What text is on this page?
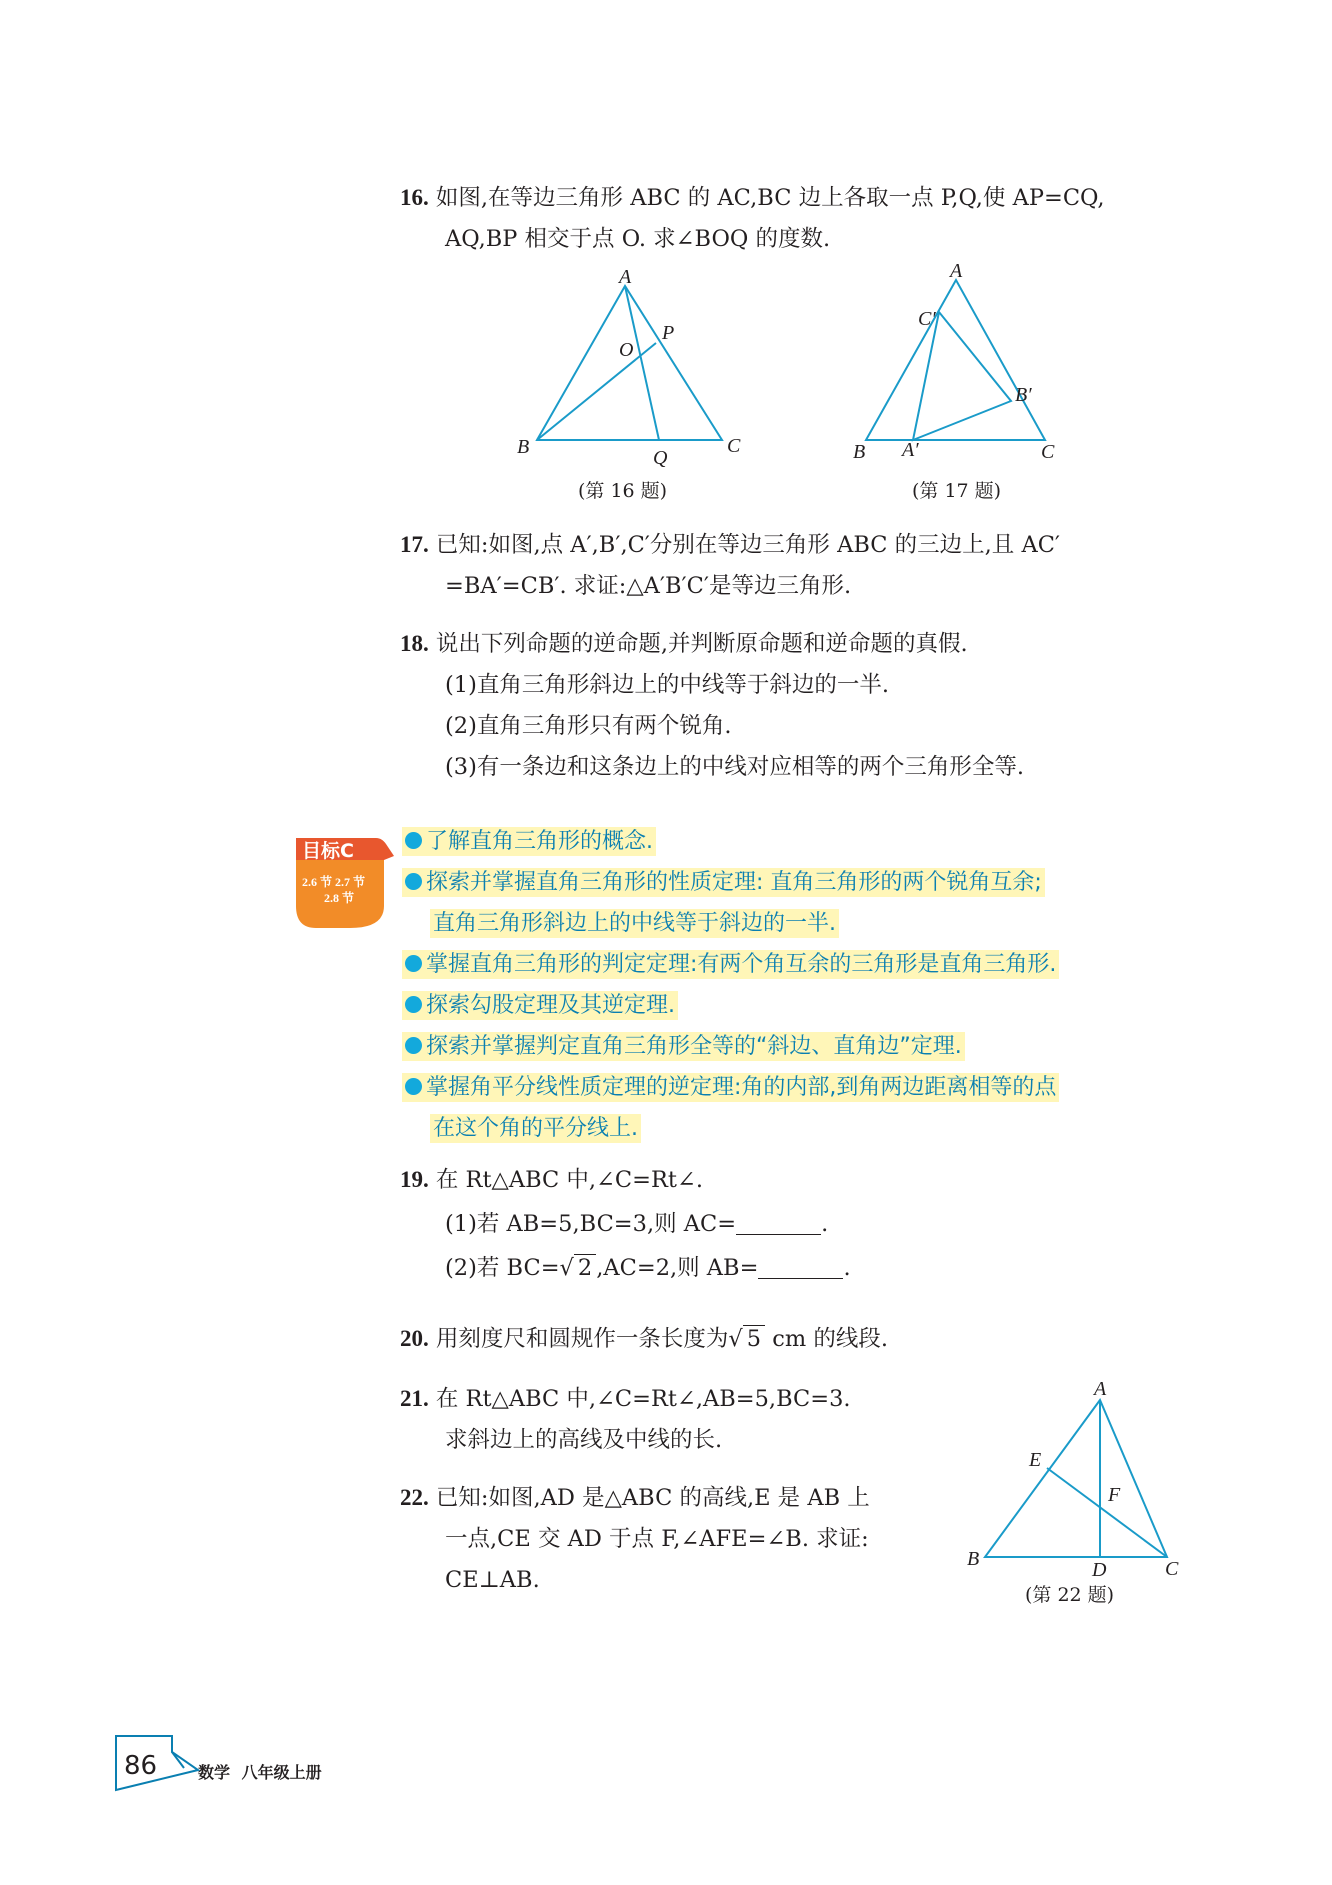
16. 如图,在等边三角形 ABC 的 AC,BC 边上各取一点 P,Q,使 AP=CQ,
AQ,BP 相交于点 O. 求∠BOQ 的度数.
A
O
P
B	C
Q
(第 16 题)
A
C′
B′
B A′	C
(第 17 题)
17. 已知:如图,点 A′,B′,C′分别在等边三角形 ABC 的三边上,且 AC′
=BA′=CB′. 求证:△A′B′C′是等边三角形.
18. 说出下列命题的逆命题,并判断原命题和逆命题的真假.
(1)直角三角形斜边上的中线等于斜边的一半.
(2)直角三角形只有两个锐角.
(3)有一条边和这条边上的中线对应相等的两个三角形全等.
目标C
2.6 节 2.7 节
2.8 节
了解直角三角形的概念.
探索并掌握直角三角形的性质定理: 直角三角形的两个锐角互余;
直角三角形斜边上的中线等于斜边的一半.
掌握直角三角形的判定定理:有两个角互余的三角形是直角三角形.
探索勾股定理及其逆定理.
探索并掌握判定直角三角形全等的“斜边、直角边”定理.
掌握角平分线性质定理的逆定理:角的内部,到角两边距离相等的点
在这个角的平分线上.
19. 在 Rt△ABC 中,∠C=Rt∠.
(1)若 AB=5,BC=3,则 AC=	.
(2)若 BC=√ 2 ,AC=2,则 AB=	.
20. 用刻度尺和圆规作一条长度为√ 5 cm 的线段.
21. 在 Rt△ABC 中,∠C=Rt∠,AB=5,BC=3.
求斜边上的高线及中线的长.
22. 已知:如图,AD 是△ABC 的高线,E 是 AB 上
一点,CE 交 AD 于点 F,∠AFE=∠B. 求证:
CE⊥AB.
A
E
F
B	D	C
(第 22 题)
86	数学 八年级上册
